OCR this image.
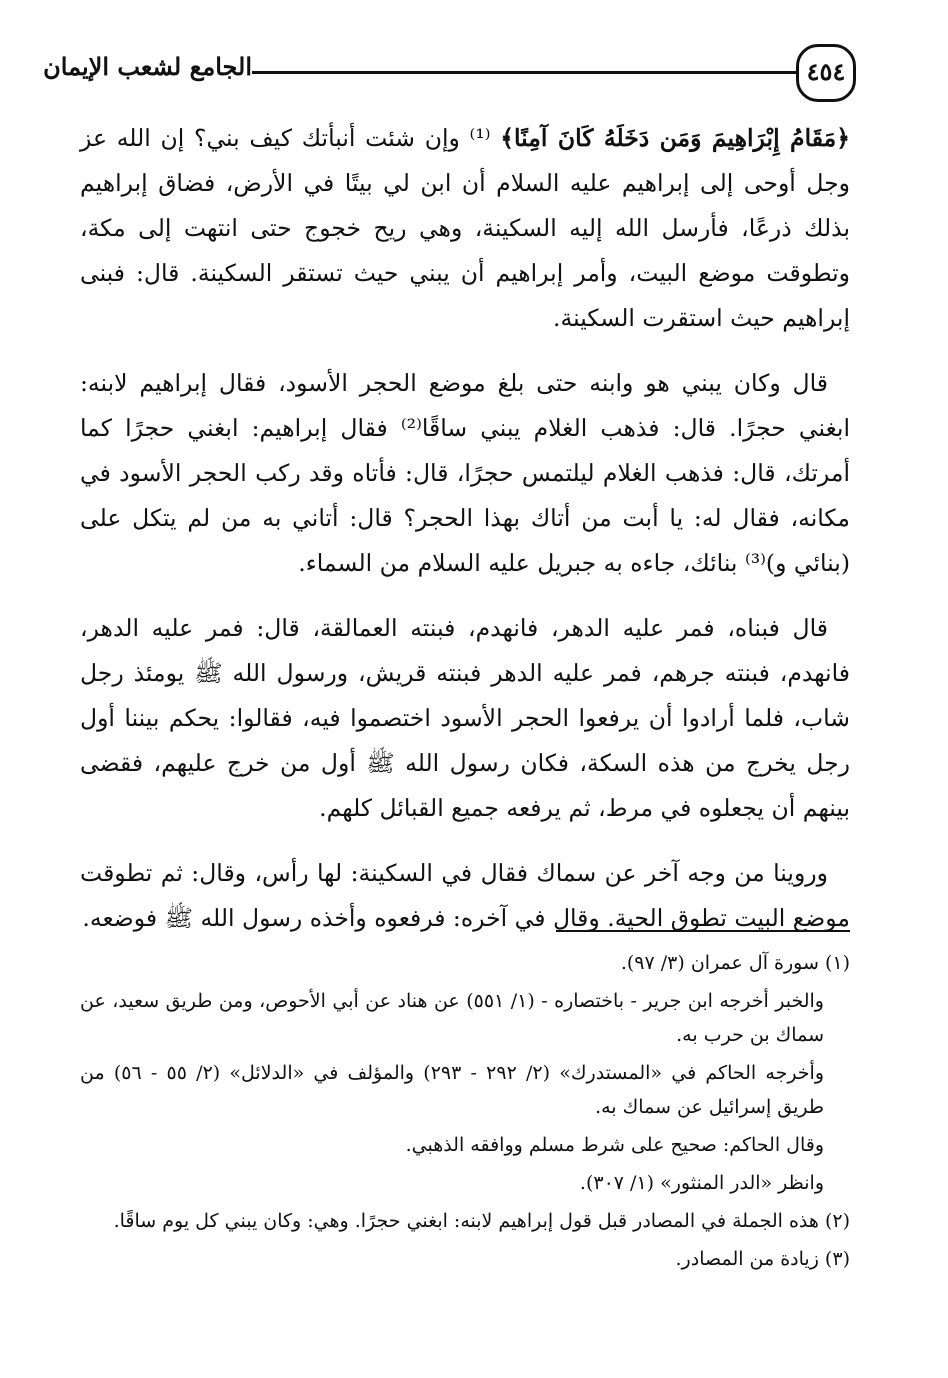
٤٥٤
الجامع لشعب الإيمان

﴿مَقَامُ إِبْرَاهِيمَ وَمَن دَخَلَهُ كَانَ آمِنًا﴾ ⁽¹⁾ وإن شئت أنبأتك كيف بني؟ إن الله عز وجل أوحى إلى إبراهيم عليه السلام أن ابن لي بيتًا في الأرض، فضاق إبراهيم بذلك ذرعًا، فأرسل الله إليه السكينة، وهي ريح خجوج حتى انتهت إلى مكة، وتطوقت موضع البيت، وأمر إبراهيم أن يبني حيث تستقر السكينة. قال: فبنى إبراهيم حيث استقرت السكينة.

قال وكان يبني هو وابنه حتى بلغ موضع الحجر الأسود، فقال إبراهيم لابنه: ابغني حجرًا. قال: فذهب الغلام يبني ساقًا⁽²⁾ فقال إبراهيم: ابغني حجرًا كما أمرتك، قال: فذهب الغلام ليلتمس حجرًا، قال: فأتاه وقد ركب الحجر الأسود في مكانه، فقال له: يا أبت من أتاك بهذا الحجر؟ قال: أتاني به من لم يتكل على (بنائي و)⁽³⁾ بنائك، جاءه به جبريل عليه السلام من السماء.

قال فبناه، فمر عليه الدهر، فانهدم، فبنته العمالقة، قال: فمر عليه الدهر، فانهدم، فبنته جرهم، فمر عليه الدهر فبنته قريش، ورسول الله ﷺ يومئذ رجل شاب، فلما أرادوا أن يرفعوا الحجر الأسود اختصموا فيه، فقالوا: يحكم بيننا أول رجل يخرج من هذه السكة، فكان رسول الله ﷺ أول من خرج عليهم، فقضى بينهم أن يجعلوه في مرط، ثم يرفعه جميع القبائل كلهم.

وروينا من وجه آخر عن سماك فقال في السكينة: لها رأس، وقال: ثم تطوقت موضع البيت تطوق الحية. وقال في آخره: فرفعوه وأخذه رسول الله ﷺ فوضعه.

(١) سورة آل عمران (٣/ ٩٧).

والخبر أخرجه ابن جرير - باختصاره - (١/ ٥٥١) عن هناد عن أبي الأحوص، ومن طريق سعيد، عن سماك بن حرب به.

وأخرجه الحاكم في «المستدرك» (٢/ ٢٩٢ - ٢٩٣) والمؤلف في «الدلائل» (٢/ ٥٥ - ٥٦) من طريق إسرائيل عن سماك به.

وقال الحاكم: صحيح على شرط مسلم ووافقه الذهبي.

وانظر «الدر المنثور» (١/ ٣٠٧).

(٢) هذه الجملة في المصادر قبل قول إبراهيم لابنه: ابغني حجرًا. وهي: وكان يبني كل يوم ساقًا.

(٣) زيادة من المصادر.
